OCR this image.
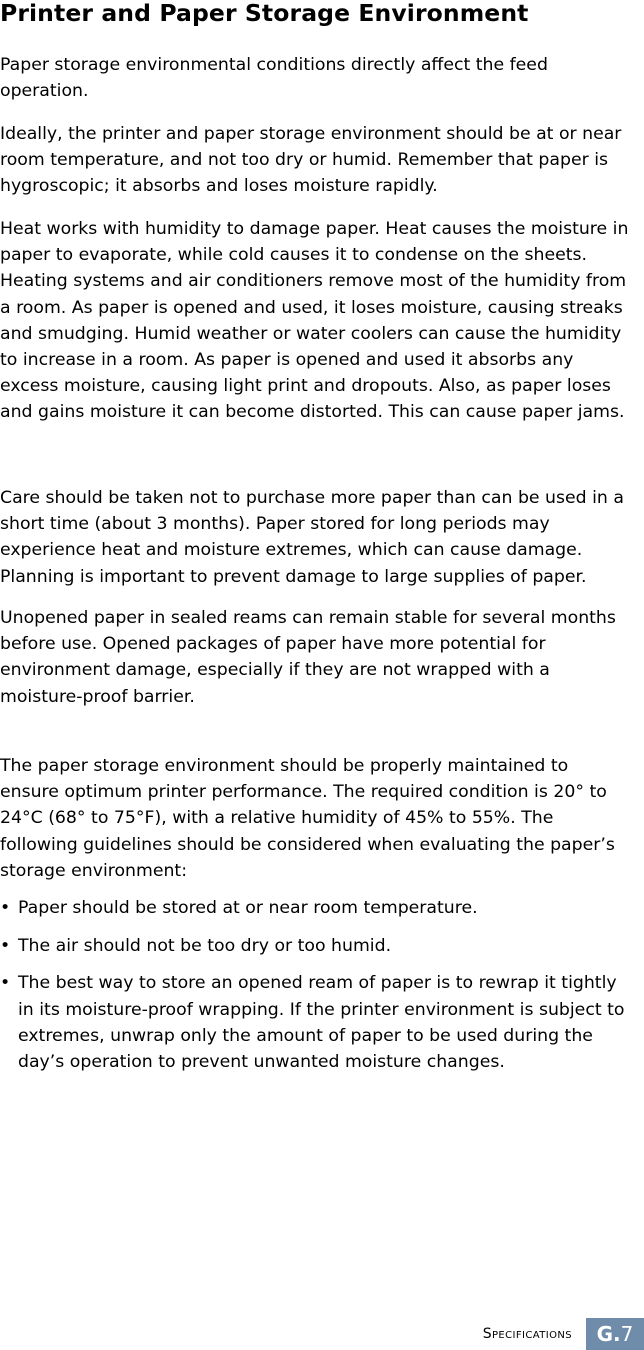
Printer and Paper Storage Environment

Paper storage environmental conditions directly affect the feed operation.

Ideally, the printer and paper storage environment should be at or near room temperature, and not too dry or humid. Remember that paper is hygroscopic; it absorbs and loses moisture rapidly.

Heat works with humidity to damage paper. Heat causes the moisture in paper to evaporate, while cold causes it to condense on the sheets. Heating systems and air conditioners remove most of the humidity from a room. As paper is opened and used, it loses moisture, causing streaks and smudging. Humid weather or water coolers can cause the humidity to increase in a room. As paper is opened and used it absorbs any excess moisture, causing light print and dropouts. Also, as paper loses and gains moisture it can become distorted. This can cause paper jams.

Care should be taken not to purchase more paper than can be used in a short time (about 3 months). Paper stored for long periods may experience heat and moisture extremes, which can cause damage. Planning is important to prevent damage to large supplies of paper.

Unopened paper in sealed reams can remain stable for several months before use. Opened packages of paper have more potential for environment damage, especially if they are not wrapped with a moisture-proof barrier.

The paper storage environment should be properly maintained to ensure optimum printer performance. The required condition is 20° to 24°C (68° to 75°F), with a relative humidity of 45% to 55%. The following guidelines should be considered when evaluating the paper’s storage environment:

• Paper should be stored at or near room temperature.
• The air should not be too dry or too humid.
• The best way to store an opened ream of paper is to rewrap it tightly in its moisture-proof wrapping. If the printer environment is subject to extremes, unwrap only the amount of paper to be used during the day’s operation to prevent unwanted moisture changes.
Specifications G. 7
